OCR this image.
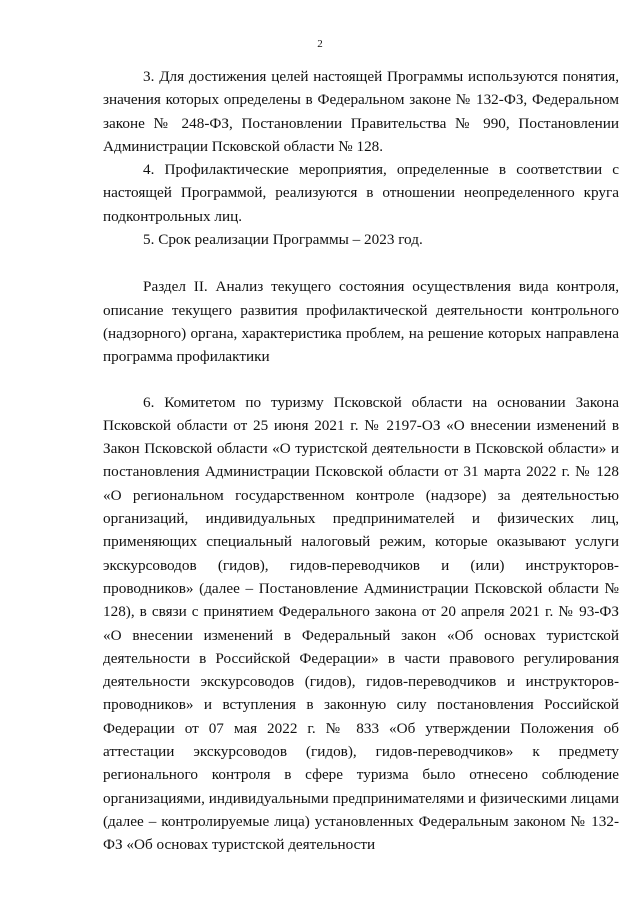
2

3. Для достижения целей настоящей Программы используются понятия, значения которых определены в Федеральном законе № 132-ФЗ, Федеральном законе № 248-ФЗ, Постановлении Правительства № 990, Постановлении Администрации Псковской области № 128.

4. Профилактические мероприятия, определенные в соответствии с настоящей Программой, реализуются в отношении неопределенного круга подконтрольных лиц.

5. Срок реализации Программы – 2023 год.

Раздел II. Анализ текущего состояния осуществления вида контроля, описание текущего развития профилактической деятельности контрольного (надзорного) органа, характеристика проблем, на решение которых направлена программа профилактики

6. Комитетом по туризму Псковской области на основании Закона Псковской области от 25 июня 2021 г. № 2197-ОЗ «О внесении изменений в Закон Псковской области «О туристской деятельности в Псковской области» и постановления Администрации Псковской области от 31 марта 2022 г. № 128 «О региональном государственном контроле (надзоре) за деятельностью организаций, индивидуальных предпринимателей и физических лиц, применяющих специальный налоговый режим, которые оказывают услуги экскурсоводов (гидов), гидов-переводчиков и (или) инструкторов-проводников» (далее – Постановление Администрации Псковской области № 128), в связи с принятием Федерального закона от 20 апреля 2021 г. № 93-ФЗ «О внесении изменений в Федеральный закон «Об основах туристской деятельности в Российской Федерации» в части правового регулирования деятельности экскурсоводов (гидов), гидов-переводчиков и инструкторов-проводников» и вступления в законную силу постановления Российской Федерации от 07 мая 2022 г. № 833 «Об утверждении Положения об аттестации экскурсоводов (гидов), гидов-переводчиков» к предмету регионального контроля в сфере туризма было отнесено соблюдение организациями, индивидуальными предпринимателями и физическими лицами (далее – контролируемые лица) установленных Федеральным законом № 132-ФЗ «Об основах туристской деятельности
